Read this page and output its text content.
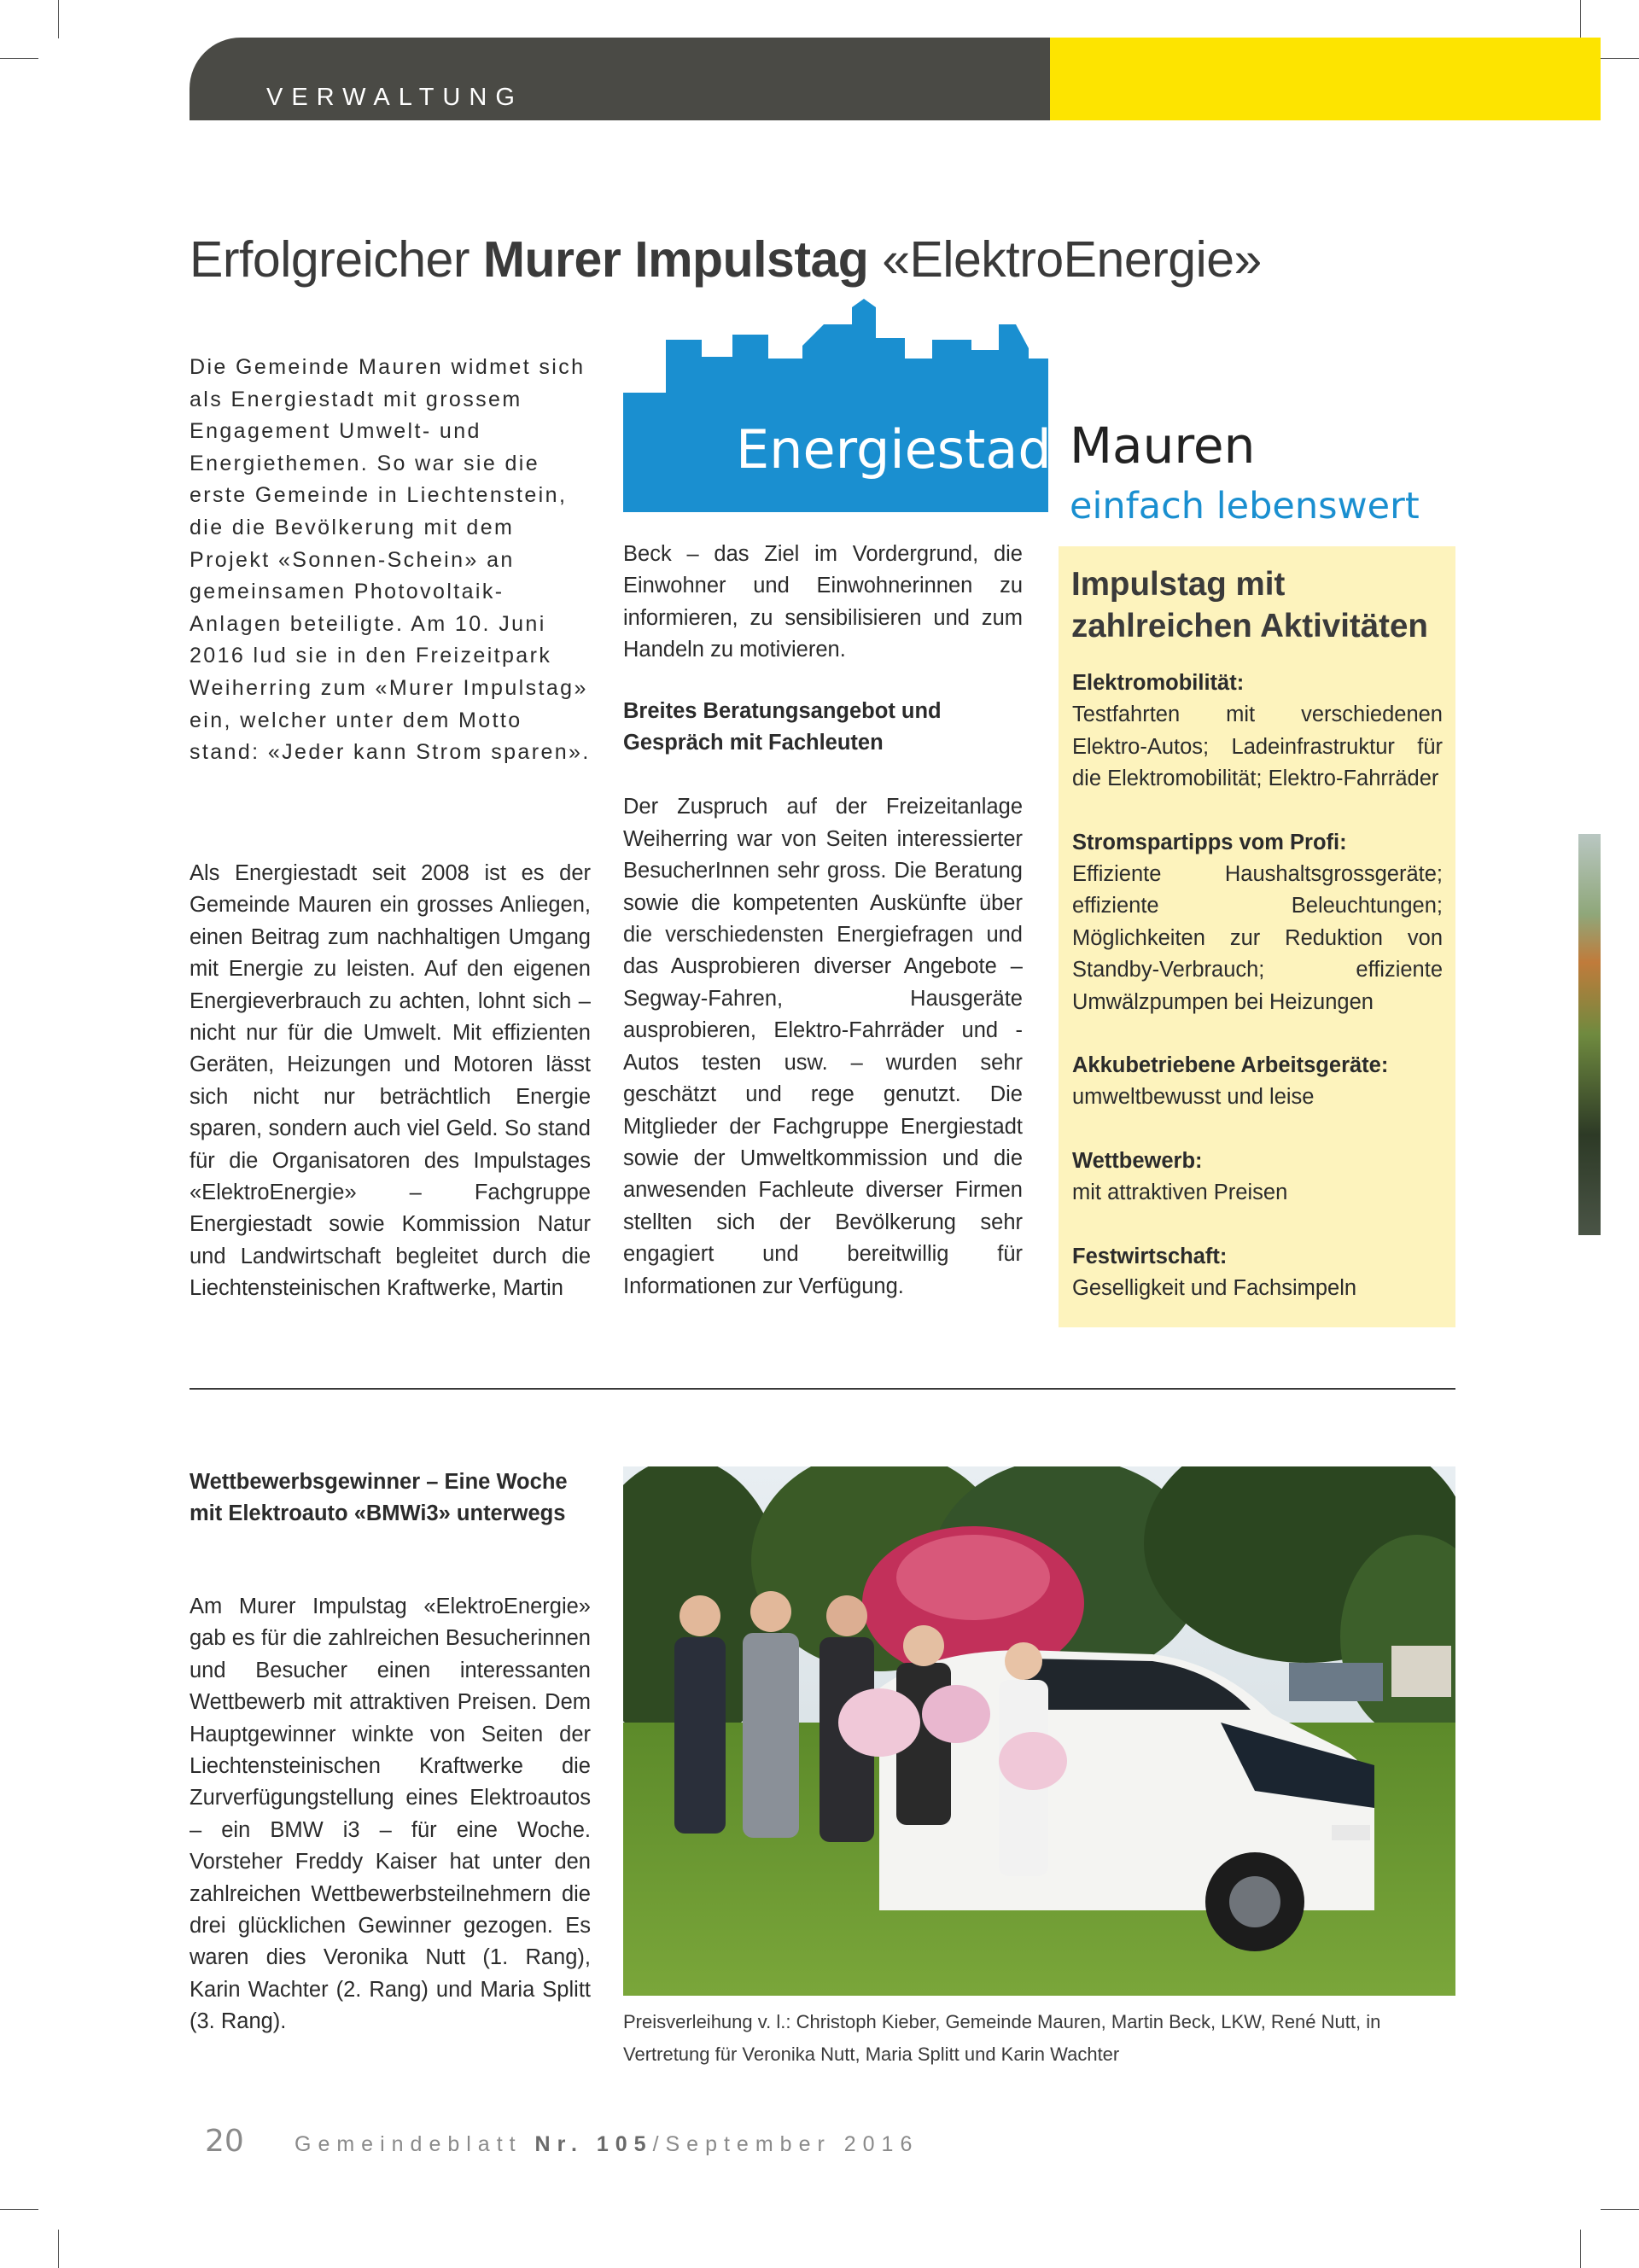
VERWALTUNG
Erfolgreicher Murer Impulstag «ElektroEnergie»

Die Gemeinde Mauren widmet sich als Energiestadt mit grossem Engagement Umwelt- und Energiethemen. So war sie die erste Gemeinde in Liechtenstein, die die Bevölkerung mit dem Projekt «Sonnen-Schein» an gemeinsamen Photovoltaik-Anlagen beteiligte. Am 10. Juni 2016 lud sie in den Freizeitpark Weiherring zum «Murer Impulstag» ein, welcher unter dem Motto stand: «Jeder kann Strom sparen».

Als Energiestadt seit 2008 ist es der Gemeinde Mauren ein grosses Anliegen, einen Beitrag zum nachhaltigen Umgang mit Energie zu leisten. Auf den eigenen Energieverbrauch zu achten, lohnt sich – nicht nur für die Umwelt. Mit effizienten Geräten, Heizungen und Motoren lässt sich nicht nur beträchtlich Energie sparen, sondern auch viel Geld. So stand für die Organisatoren des Impulstages «ElektroEnergie» – Fachgruppe Energiestadt sowie Kommission Natur und Landwirtschaft begleitet durch die Liechtensteinischen Kraftwerke, Martin

Energiestadt
Mauren
einfach lebenswert

Beck – das Ziel im Vordergrund, die Einwohner und Einwohnerinnen zu informieren, zu sensibilisieren und zum Handeln zu motivieren.

Breites Beratungsangebot und Gespräch mit Fachleuten

Der Zuspruch auf der Freizeitanlage Weiherring war von Seiten interessierter BesucherInnen sehr gross. Die Beratung sowie die kompetenten Auskünfte über die verschiedensten Energiefragen und das Ausprobieren diverser Angebote – Segway-Fahren, Hausgeräte ausprobieren, Elektro-Fahrräder und -Autos testen usw. – wurden sehr geschätzt und rege genutzt. Die Mitglieder der Fachgruppe Energiestadt sowie der Umweltkommission und die anwesenden Fachleute diverser Firmen stellten sich der Bevölkerung sehr engagiert und bereitwillig für Informationen zur Verfügung.

Impulstag mit zahlreichen Aktivitäten
Elektromobilität:
Testfahrten mit verschiedenen Elektro-Autos; Ladeinfrastruktur für die Elektromobilität; Elektro-Fahrräder
Stromspartipps vom Profi:
Effiziente Haushaltsgrossgeräte; effiziente Beleuchtungen; Möglichkeiten zur Reduktion von Standby-Verbrauch; effiziente Umwälzpumpen bei Heizungen
Akkubetriebene Arbeitsgeräte:
umweltbewusst und leise
Wettbewerb:
mit attraktiven Preisen
Festwirtschaft:
Geselligkeit und Fachsimpeln
Wettbewerbsgewinner – Eine Woche mit Elektroauto «BMWi3» unterwegs

Am Murer Impulstag «ElektroEnergie» gab es für die zahlreichen Besucherinnen und Besucher einen interessanten Wettbewerb mit attraktiven Preisen. Dem Hauptgewinner winkte von Seiten der Liechtensteinischen Kraftwerke die Zurverfügungstellung eines Elektroautos – ein BMW i3 – für eine Woche. Vorsteher Freddy Kaiser hat unter den zahlreichen Wettbewerbsteilnehmern die drei glücklichen Gewinner gezogen. Es waren dies Veronika Nutt (1. Rang), Karin Wachter (2. Rang) und Maria Splitt (3. Rang).	Preisverleihung v. l.: Christoph Kieber, Gemeinde Mauren, Martin Beck, LKW, René Nutt, in Vertretung für Veronika Nutt, Maria Splitt und Karin Wachter
20 Gemeindeblatt Nr. 105/September 2016
